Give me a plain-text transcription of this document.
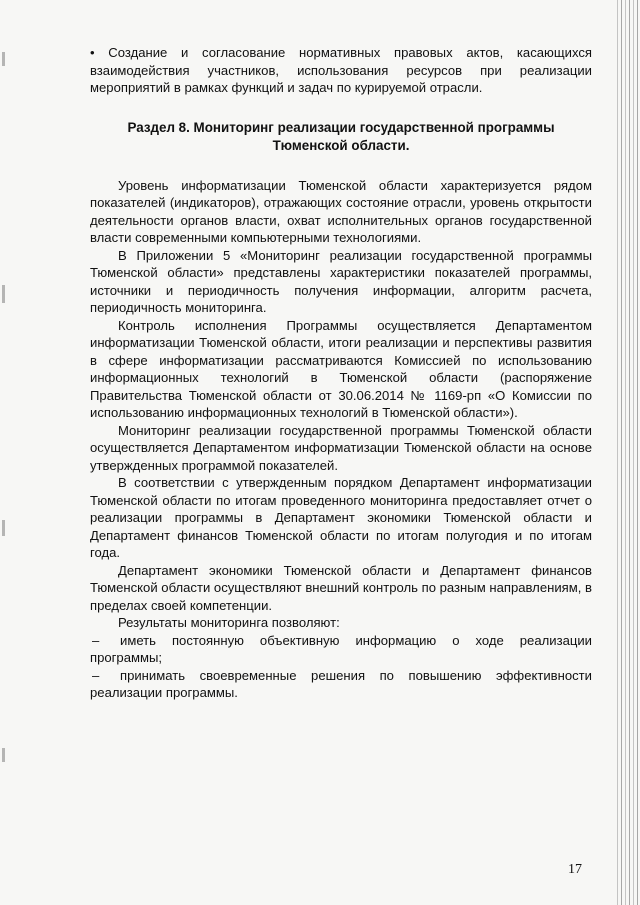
• Создание и согласование нормативных правовых актов, касающихся взаимодействия участников, использования ресурсов при реализации мероприятий в рамках функций и задач по курируемой отрасли.

Раздел 8. Мониторинг реализации государственной программы
Тюменской области.

Уровень информатизации Тюменской области характеризуется рядом показателей (индикаторов), отражающих состояние отрасли, уровень открытости деятельности органов власти, охват исполнительных органов государственной власти современными компьютерными технологиями.

В Приложении 5 «Мониторинг реализации государственной программы Тюменской области» представлены характеристики показателей программы, источники и периодичность получения информации, алгоритм расчета, периодичность мониторинга.

Контроль исполнения Программы осуществляется Департаментом информатизации Тюменской области, итоги реализации и перспективы развития в сфере информатизации рассматриваются Комиссией по использованию информационных технологий в Тюменской области (распоряжение Правительства Тюменской области от 30.06.2014 № 1169-рп «О Комиссии по использованию информационных технологий в Тюменской области»).

Мониторинг реализации государственной программы Тюменской области осуществляется Департаментом информатизации Тюменской области на основе утвержденных программой показателей.

В соответствии с утвержденным порядком Департамент информатизации Тюменской области по итогам проведенного мониторинга предоставляет отчет о реализации программы в Департамент экономики Тюменской области и Департамент финансов Тюменской области по итогам полугодия и по итогам года.

Департамент экономики Тюменской области и Департамент финансов Тюменской области осуществляют внешний контроль по разным направлениям, в пределах своей компетенции.

Результаты мониторинга позволяют:

– иметь постоянную объективную информацию о ходе реализации программы;

– принимать своевременные решения по повышению эффективности реализации программы.

17
